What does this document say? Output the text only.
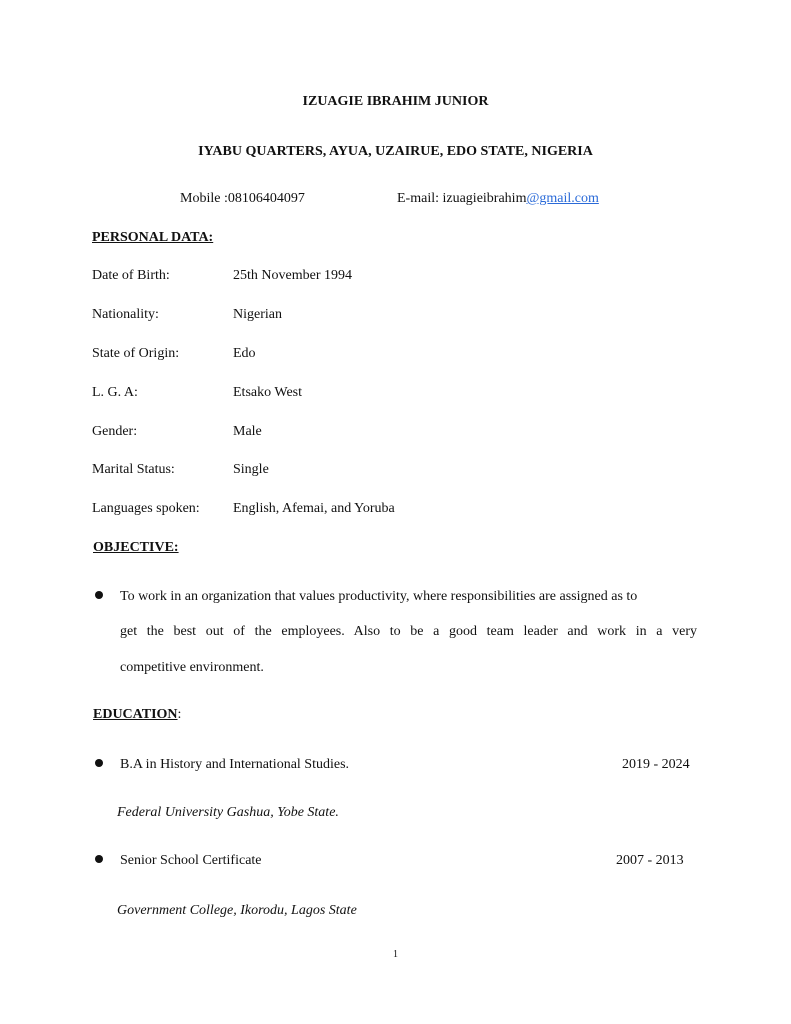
IZUAGIE IBRAHIM JUNIOR
IYABU QUARTERS, AYUA, UZAIRUE, EDO STATE, NIGERIA
Mobile :08106404097	E-mail: izuagieibrahim@gmail.com
PERSONAL DATA:
Date of Birth:	25th November 1994
Nationality:	Nigerian
State of Origin:	Edo
L. G. A:	Etsako West
Gender:	Male
Marital Status:	Single
Languages spoken: English, Afemai, and Yoruba
OBJECTIVE:
To work in an organization that values productivity, where responsibilities are assigned as to
get the best out of the employees. Also to be a good team leader and work in a very
competitive environment.
EDUCATION:
B.A in History and International Studies.	2019 - 2024
Federal University Gashua, Yobe State.
Senior School Certificate	2007 - 2013
Government College, Ikorodu, Lagos State
1
